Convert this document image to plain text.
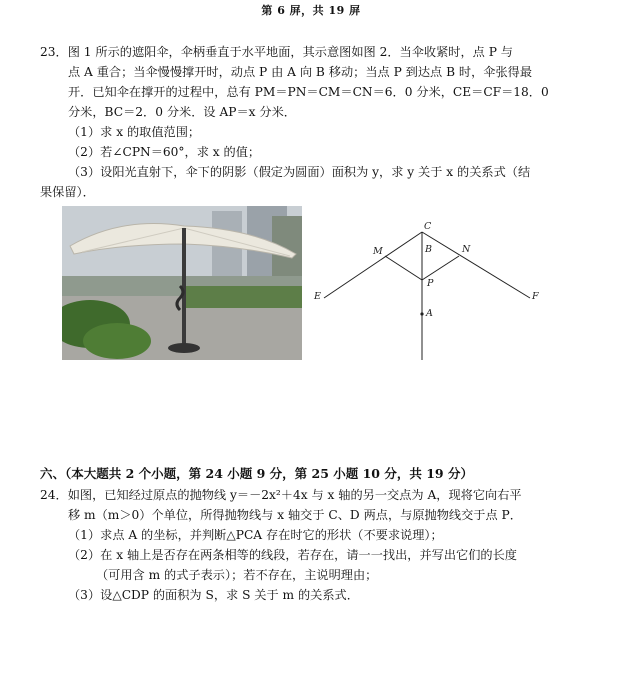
第 6 屏，共 19 屏

23．图 1 所示的遮阳伞，伞柄垂直于水平地面，其示意图如图 2．当伞收紧时，点 P 与

点 A 重合；当伞慢慢撑开时，动点 P 由 A 向 B 移动；当点 P 到达点 B 时，伞张得最

开．已知伞在撑开的过程中，总有 PM＝PN＝CM＝CN＝6．0 分米，CE＝CF＝18．0

分米，BC＝2．0 分米．设 AP＝x 分米．

（1）求 x 的取值范围；

（2）若∠CPN＝60°，求 x 的值；

（3）设阳光直射下，伞下的阴影（假定为圆面）面积为 y，求 y 关于 x 的关系式（结

果保留）．

C
B
M	N
P
A
E	F
六、（本大题共 2 个小题，第 24 小题 9 分，第 25 小题 10 分，共 19 分）

24．如图，已知经过原点的抛物线 y＝－2x²＋4x 与 x 轴的另一交点为 A，现将它向右平

移 m（m＞0）个单位，所得抛物线与 x 轴交于 C、D 两点，与原抛物线交于点 P．

（1）求点 A 的坐标，并判断△PCA 存在时它的形状（不要求说理）；

（2）在 x 轴上是否存在两条相等的线段，若存在，请一一找出，并写出它们的长度

（可用含 m 的式子表示）；若不存在，主说明理由；

（3）设△CDP 的面积为 S，求 S 关于 m 的关系式．
